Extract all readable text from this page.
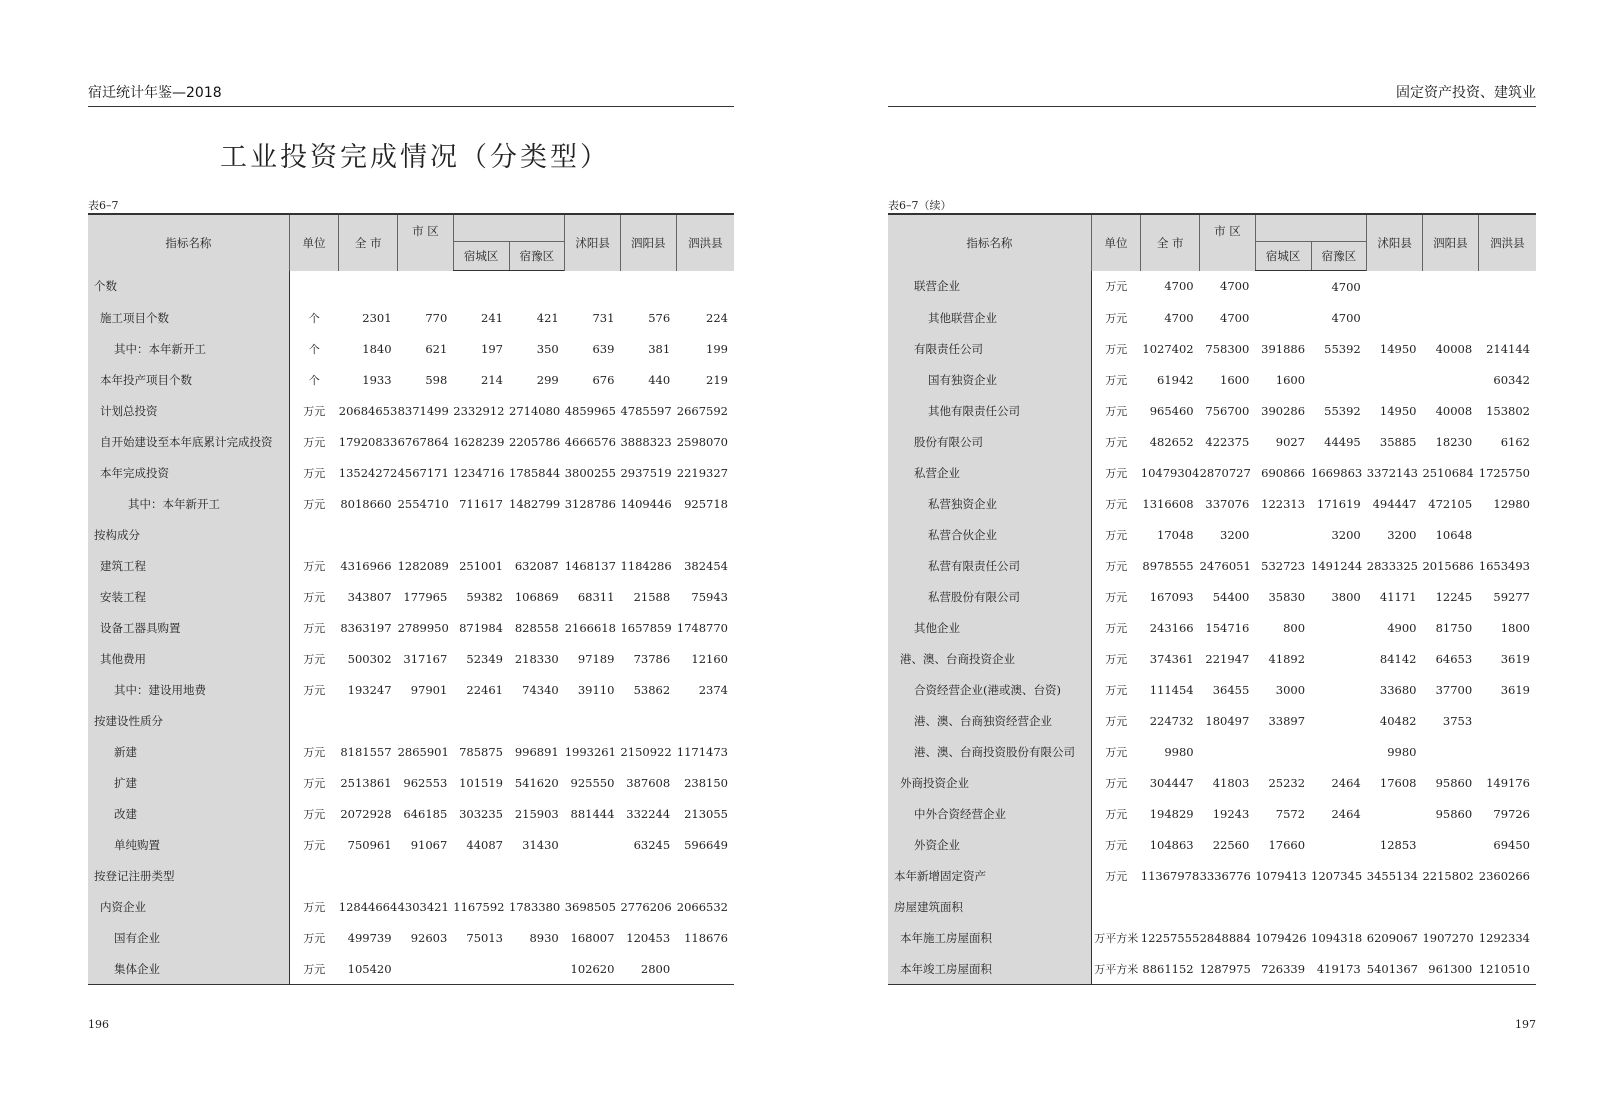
宿迁统计年鉴—2018
工业投资完成情况（分类型）
表6–7
指标名称	单位	全 市	市 区			沭阳县	泗阳县	泗洪县
				宿城区	宿豫区			
个数								
施工项目个数	个	2301	770	241	421	731	576	224
其中：本年新开工	个	1840	621	197	350	639	381	199
本年投产项目个数	个	1933	598	214	299	676	440	219
计划总投资	万元	20684653	8371499	2332912	2714080	4859965	4785597	2667592
自开始建设至本年底累计完成投资	万元	17920833	6767864	1628239	2205786	4666576	3888323	2598070
本年完成投资	万元	13524272	4567171	1234716	1785844	3800255	2937519	2219327
其中：本年新开工	万元	8018660	2554710	711617	1482799	3128786	1409446	925718
按构成分								
建筑工程	万元	4316966	1282089	251001	632087	1468137	1184286	382454
安装工程	万元	343807	177965	59382	106869	68311	21588	75943
设备工器具购置	万元	8363197	2789950	871984	828558	2166618	1657859	1748770
其他费用	万元	500302	317167	52349	218330	97189	73786	12160
其中：建设用地费	万元	193247	97901	22461	74340	39110	53862	2374
按建设性质分								
新建	万元	8181557	2865901	785875	996891	1993261	2150922	1171473
扩建	万元	2513861	962553	101519	541620	925550	387608	238150
改建	万元	2072928	646185	303235	215903	881444	332244	213055
单纯购置	万元	750961	91067	44087	31430		63245	596649
按登记注册类型								
内资企业	万元	12844664	4303421	1167592	1783380	3698505	2776206	2066532
国有企业	万元	499739	92603	75013	8930	168007	120453	118676
集体企业	万元	105420				102620	2800	
196
固定资产投资、建筑业
表6–7（续）
指标名称	单位	全 市	市 区			沭阳县	泗阳县	泗洪县
				宿城区	宿豫区			
联营企业	万元	4700	4700		4700			
其他联营企业	万元	4700	4700		4700			
有限责任公司	万元	1027402	758300	391886	55392	14950	40008	214144
国有独资企业	万元	61942	1600	1600				60342
其他有限责任公司	万元	965460	756700	390286	55392	14950	40008	153802
股份有限公司	万元	482652	422375	9027	44495	35885	18230	6162
私营企业	万元	10479304	2870727	690866	1669863	3372143	2510684	1725750
私营独资企业	万元	1316608	337076	122313	171619	494447	472105	12980
私营合伙企业	万元	17048	3200		3200	3200	10648	
私营有限责任公司	万元	8978555	2476051	532723	1491244	2833325	2015686	1653493
私营股份有限公司	万元	167093	54400	35830	3800	41171	12245	59277
其他企业	万元	243166	154716	800		4900	81750	1800
港、澳、台商投资企业	万元	374361	221947	41892		84142	64653	3619
合资经营企业(港或澳、台资)	万元	111454	36455	3000		33680	37700	3619
港、澳、台商独资经营企业	万元	224732	180497	33897		40482	3753	
港、澳、台商投资股份有限公司	万元	9980				9980		
外商投资企业	万元	304447	41803	25232	2464	17608	95860	149176
中外合资经营企业	万元	194829	19243	7572	2464		95860	79726
外资企业	万元	104863	22560	17660		12853		69450
本年新增固定资产	万元	11367978	3336776	1079413	1207345	3455134	2215802	2360266
房屋建筑面积								
本年施工房屋面积	万平方米	12257555	2848884	1079426	1094318	6209067	1907270	1292334
本年竣工房屋面积	万平方米	8861152	1287975	726339	419173	5401367	961300	1210510
197
